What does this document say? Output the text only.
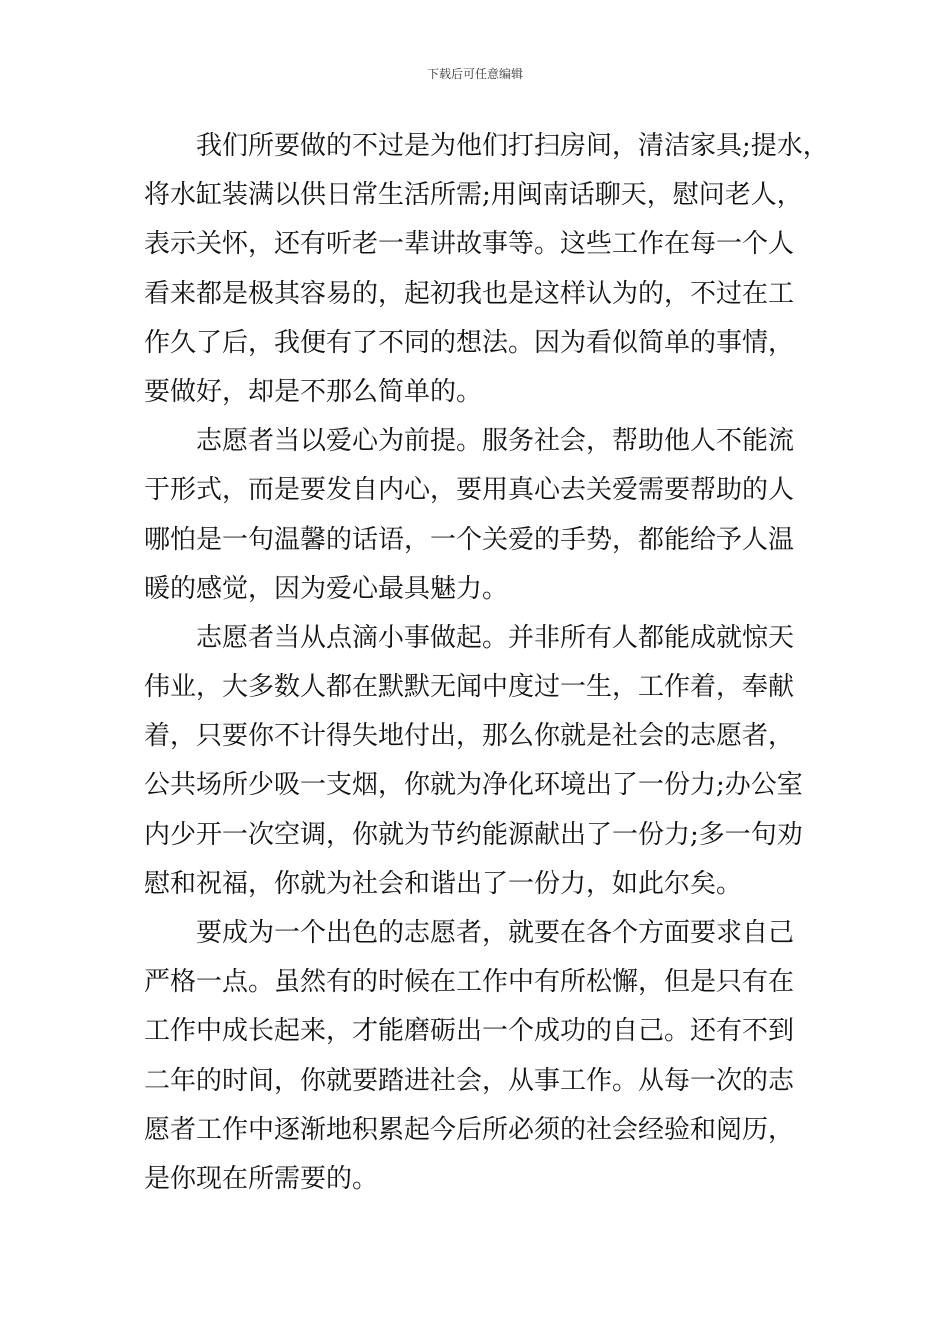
下载后可任意编辑

我们所要做的不过是为他们打扫房间，清洁家具;提水，
将水缸装满以供日常生活所需;用闽南话聊天，慰问老人，
表示关怀，还有听老一辈讲故事等。这些工作在每一个人
看来都是极其容易的，起初我也是这样认为的，不过在工
作久了后，我便有了不同的想法。因为看似简单的事情，
要做好，却是不那么简单的。

志愿者当以爱心为前提。服务社会，帮助他人不能流
于形式，而是要发自内心，要用真心去关爱需要帮助的人
哪怕是一句温馨的话语，一个关爱的手势，都能给予人温
暖的感觉，因为爱心最具魅力。

志愿者当从点滴小事做起。并非所有人都能成就惊天
伟业，大多数人都在默默无闻中度过一生，工作着，奉献
着，只要你不计得失地付出，那么你就是社会的志愿者，
公共场所少吸一支烟，你就为净化环境出了一份力;办公室
内少开一次空调，你就为节约能源献出了一份力;多一句劝
慰和祝福，你就为社会和谐出了一份力，如此尔矣。

要成为一个出色的志愿者，就要在各个方面要求自己
严格一点。虽然有的时候在工作中有所松懈，但是只有在
工作中成长起来，才能磨砺出一个成功的自己。还有不到
二年的时间，你就要踏进社会，从事工作。从每一次的志
愿者工作中逐渐地积累起今后所必须的社会经验和阅历，
是你现在所需要的。
